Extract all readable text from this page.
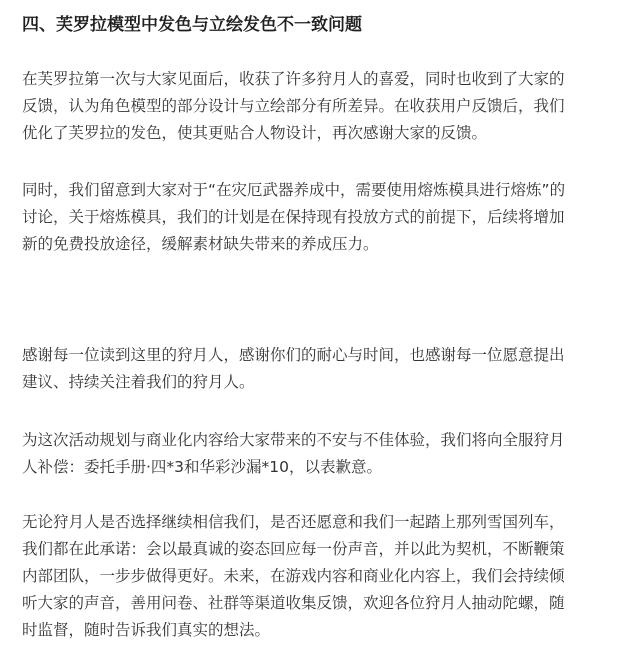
四、芙罗拉模型中发色与立绘发色不一致问题

在芙罗拉第一次与大家见面后，收获了许多狩月人的喜爱，同时也收到了大家的
反馈，认为角色模型的部分设计与立绘部分有所差异。在收获用户反馈后，我们
优化了芙罗拉的发色，使其更贴合人物设计，再次感谢大家的反馈。

同时，我们留意到大家对于“在灾厄武器养成中，需要使用熔炼模具进行熔炼”的
讨论，关于熔炼模具，我们的计划是在保持现有投放方式的前提下，后续将增加
新的免费投放途径，缓解素材缺失带来的养成压力。

感谢每一位读到这里的狩月人，感谢你们的耐心与时间，也感谢每一位愿意提出
建议、持续关注着我们的狩月人。

为这次活动规划与商业化内容给大家带来的不安与不佳体验，我们将向全服狩月
人补偿：委托手册·四*3和华彩沙漏*10，以表歉意。

无论狩月人是否选择继续相信我们，是否还愿意和我们一起踏上那列雪国列车，
我们都在此承诺：会以最真诚的姿态回应每一份声音，并以此为契机，不断鞭策
内部团队，一步步做得更好。未来，在游戏内容和商业化内容上，我们会持续倾
听大家的声音，善用问卷、社群等渠道收集反馈，欢迎各位狩月人抽动陀螺，随
时监督，随时告诉我们真实的想法。
